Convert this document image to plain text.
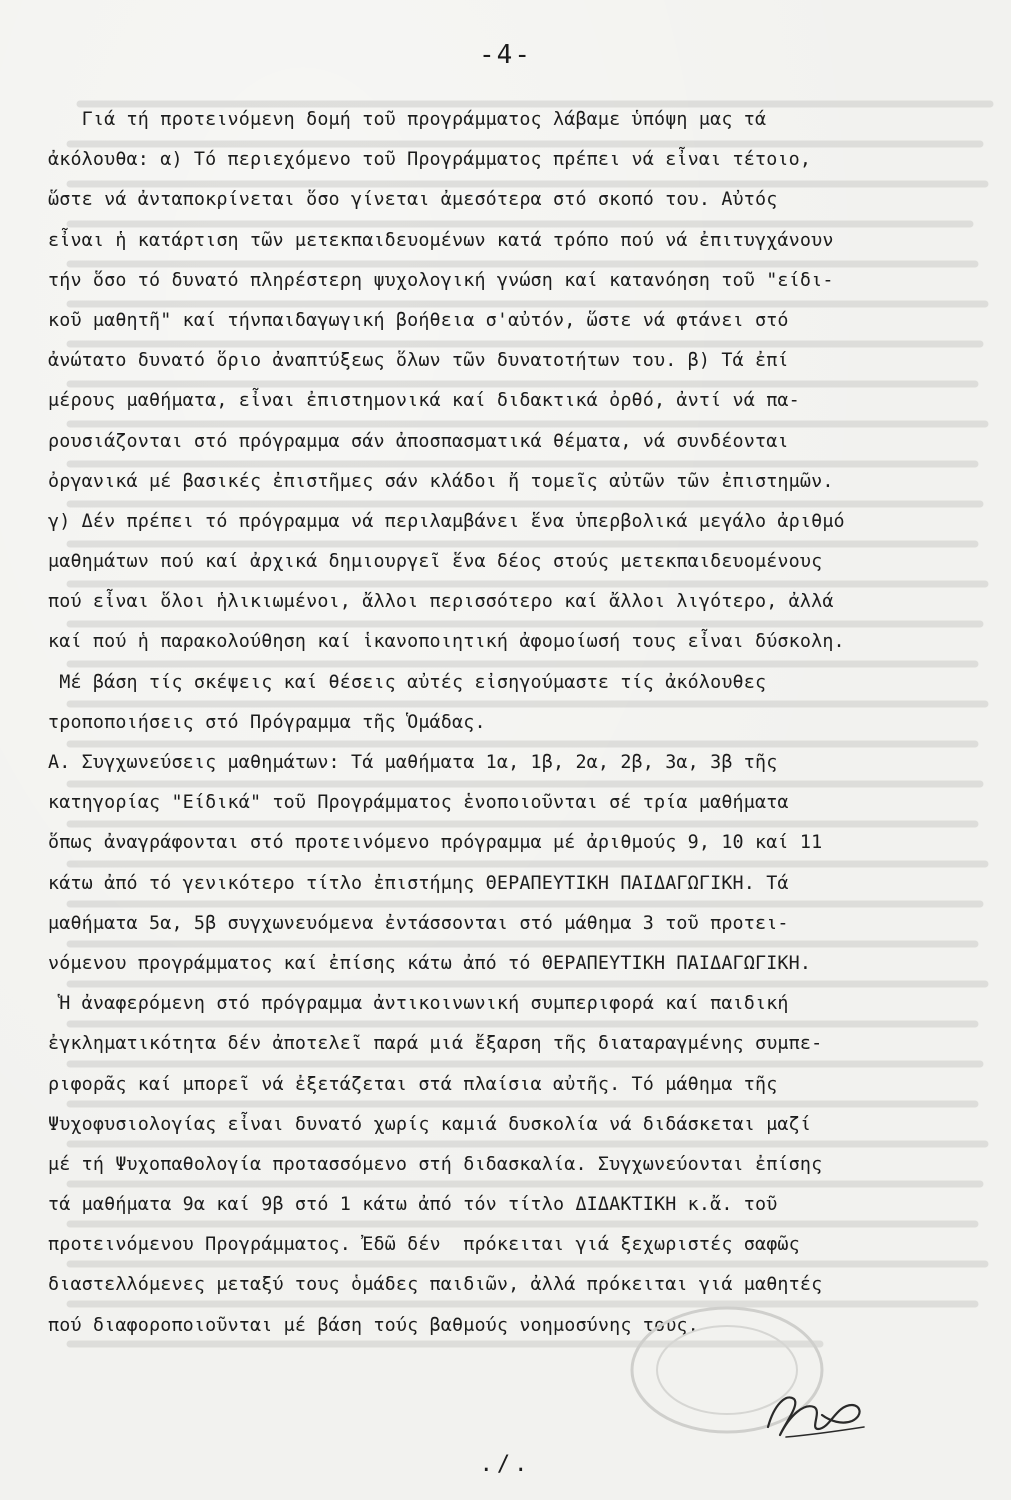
-4-
Γιά τή προτεινόμενη δομή τοῦ προγράμματος λάβαμε ὑπόψη μας τά
ἀκόλουθα: α) Τό περιεχόμενο τοῦ Προγράμματος πρέπει νά εἶναι τέτοιο,
ὥστε νά ἀνταποκρίνεται ὅσο γίνεται ἀμεσότερα στό σκοπό του. Αὐτός
εἶναι ἡ κατάρτιση τῶν μετεκπαιδευομένων κατά τρόπο πού νά ἐπιτυγχάνουν
τήν ὅσο τό δυνατό πληρέστερη ψυχολογική γνώση καί κατανόηση τοῦ "είδι-
κοῦ μαθητῆ" καί τήνπαιδαγωγική βοήθεια σ'αὐτόν, ὥστε νά φτάνει στό
ἀνώτατο δυνατό ὅριο ἀναπτύξεως ὅλων τῶν δυνατοτήτων του. β) Τά ἐπί
μέρους μαθήματα, εἶναι ἐπιστημονικά καί διδακτικά ὀρθό, ἀντί νά πα-
ρουσιάζονται στό πρόγραμμα σάν ἀποσπασματικά θέματα, νά συνδέονται
ὀργανικά μέ βασικές ἐπιστῆμες σάν κλάδοι ἤ τομεῖς αὐτῶν τῶν ἐπιστημῶν.
γ) Δέν πρέπει τό πρόγραμμα νά περιλαμβάνει ἕνα ὑπερβολικά μεγάλο ἀριθμό
μαθημάτων πού καί ἀρχικά δημιουργεῖ ἕνα δέος στούς μετεκπαιδευομένους
πού εἶναι ὅλοι ἡλικιωμένοι, ἄλλοι περισσότερο καί ἄλλοι λιγότερο, ἀλλά
καί πού ἡ παρακολούθηση καί ἱκανοποιητική ἀφομοίωσή τους εἶναι δύσκολη.
Μέ βάση τίς σκέψεις καί θέσεις αὐτές εἰσηγούμαστε τίς ἀκόλουθες
τροποποιήσεις στό Πρόγραμμα τῆς Ὁμάδας.
Α. Συγχωνεύσεις μαθημάτων: Τά μαθήματα 1α, 1β, 2α, 2β, 3α, 3β τῆς
κατηγορίας "Είδικά" τοῦ Προγράμματος ἑνοποιοῦνται σέ τρία μαθήματα
ὅπως ἀναγράφονται στό προτεινόμενο πρόγραμμα μέ ἀριθμούς 9, 10 καί 11
κάτω ἀπό τό γενικότερο τίτλο ἐπιστήμης ΘΕΡΑΠΕΥΤΙΚΗ ΠΑΙΔΑΓΩΓΙΚΗ. Τά
μαθήματα 5α, 5β συγχωνευόμενα ἐντάσσονται στό μάθημα 3 τοῦ προτει-
νόμενου προγράμματος καί ἐπίσης κάτω ἀπό τό ΘΕΡΑΠΕΥΤΙΚΗ ΠΑΙΔΑΓΩΓΙΚΗ.
Ἡ ἀναφερόμενη στό πρόγραμμα ἀντικοινωνική συμπεριφορά καί παιδική
ἐγκληματικότητα δέν ἀποτελεῖ παρά μιά ἔξαρση τῆς διαταραγμένης συμπε-
ριφορᾶς καί μπορεῖ νά ἐξετάζεται στά πλαίσια αὐτῆς. Τό μάθημα τῆς
Ψυχοφυσιολογίας εἶναι δυνατό χωρίς καμιά δυσκολία νά διδάσκεται μαζί
μέ τή Ψυχοπαθολογία προτασσόμενο στή διδασκαλία. Συγχωνεύονται ἐπίσης
τά μαθήματα 9α καί 9β στό 1 κάτω ἀπό τόν τίτλο ΔΙΔΑΚΤΙΚΗ κ.ἄ. τοῦ
προτεινόμενου Προγράμματος. Ἐδῶ δέν  πρόκειται γιά ξεχωριστές σαφῶς
διαστελλόμενες μεταξύ τους ὁμάδες παιδιῶν, ἀλλά πρόκειται γιά μαθητές
πού διαφοροποιοῦνται μέ βάση τούς βαθμούς νοημοσύνης τους.
./.
